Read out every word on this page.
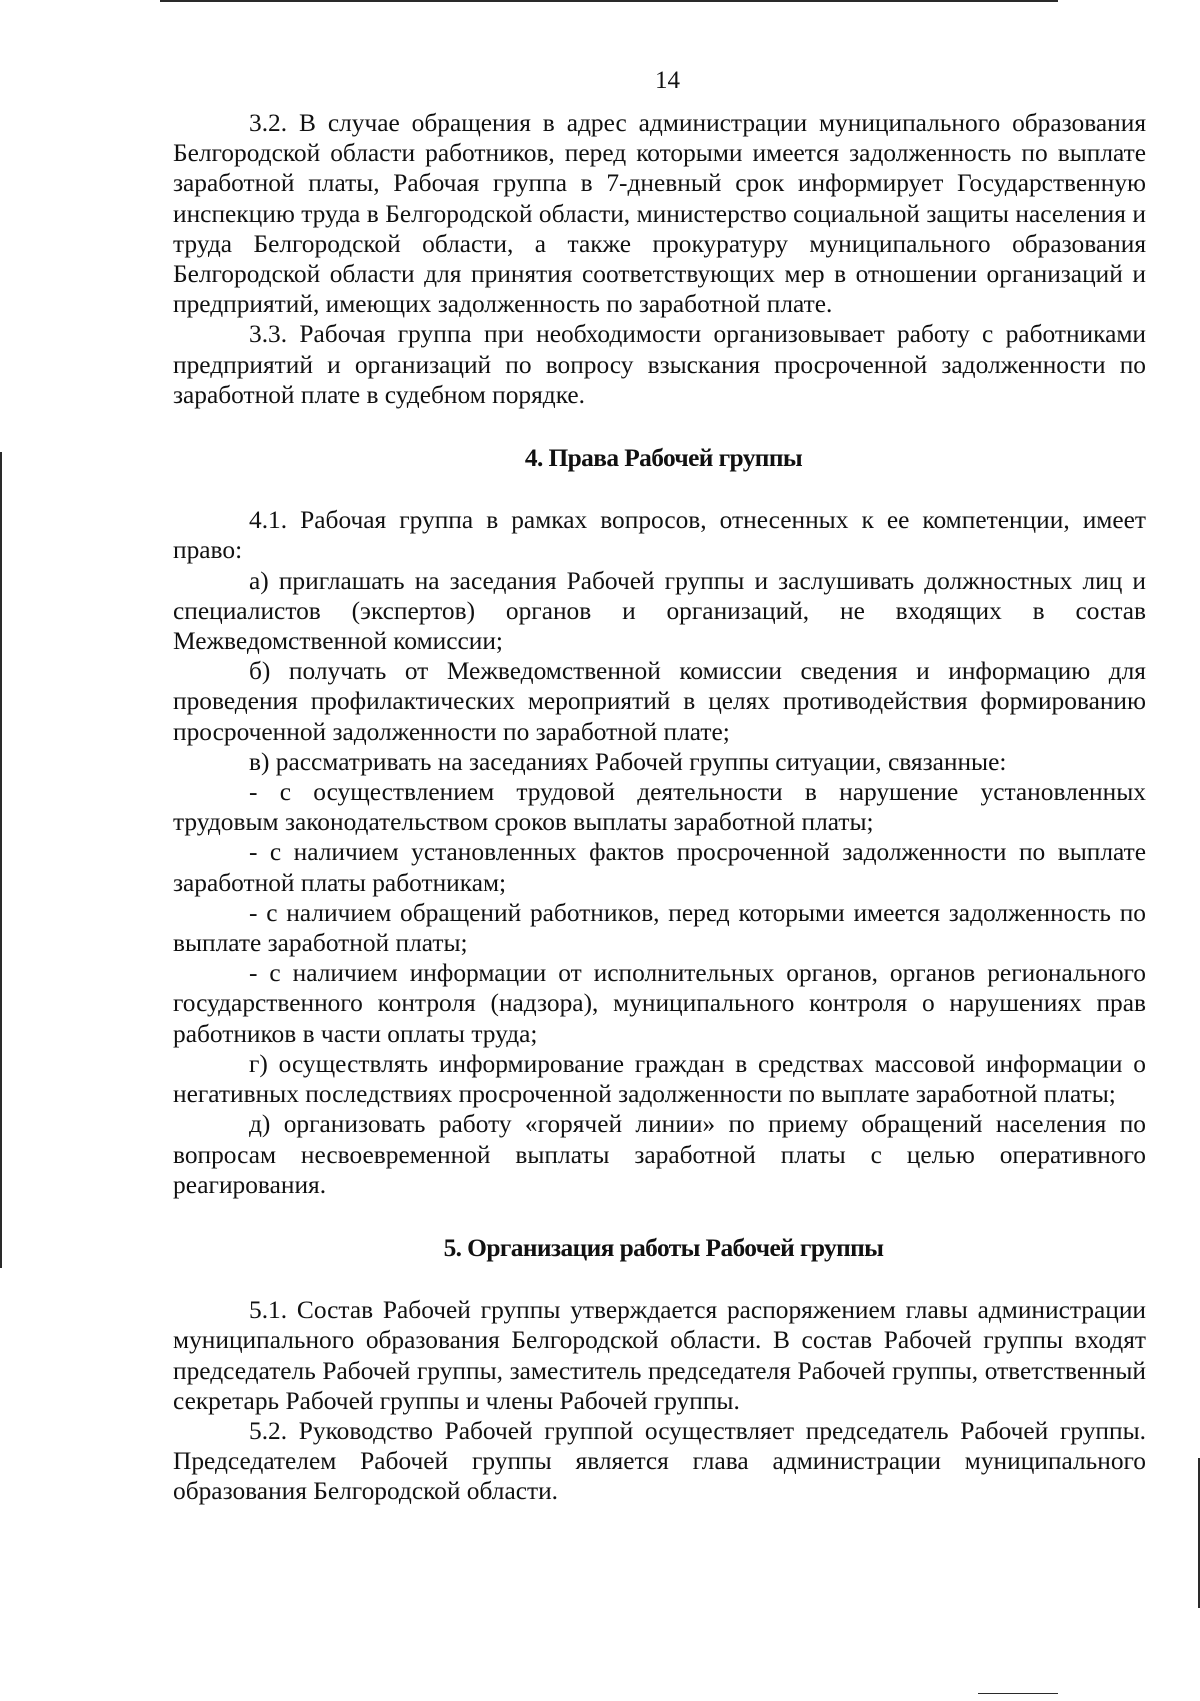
14

3.2. В случае обращения в адрес администрации муниципального образования Белгородской области работников, перед которыми имеется задолженность по выплате заработной платы, Рабочая группа в 7-дневный срок информирует Государственную инспекцию труда в Белгородской области, министерство социальной защиты населения и труда Белгородской области, а также прокуратуру муниципального образования Белгородской области для принятия соответствующих мер в отношении организаций и предприятий, имеющих задолженность по заработной плате.

3.3. Рабочая группа при необходимости организовывает работу с работниками предприятий и организаций по вопросу взыскания просроченной задолженности по заработной плате в судебном порядке.

4. Права Рабочей группы

4.1. Рабочая группа в рамках вопросов, отнесенных к ее компетенции, имеет право:

а) приглашать на заседания Рабочей группы и заслушивать должностных лиц и специалистов (экспертов) органов и организаций, не входящих в состав Межведомственной комиссии;

б) получать от Межведомственной комиссии сведения и информацию для проведения профилактических мероприятий в целях противодействия формированию просроченной задолженности по заработной плате;

в) рассматривать на заседаниях Рабочей группы ситуации, связанные:

- с осуществлением трудовой деятельности в нарушение установленных трудовым законодательством сроков выплаты заработной платы;

- с наличием установленных фактов просроченной задолженности по выплате заработной платы работникам;

- с наличием обращений работников, перед которыми имеется задолженность по выплате заработной платы;

- с наличием информации от исполнительных органов, органов регионального государственного контроля (надзора), муниципального контроля о нарушениях прав работников в части оплаты труда;

г) осуществлять информирование граждан в средствах массовой информации о негативных последствиях просроченной задолженности по выплате заработной платы;

д) организовать работу «горячей линии» по приему обращений населения по вопросам несвоевременной выплаты заработной платы с целью оперативного реагирования.

5. Организация работы Рабочей группы

5.1. Состав Рабочей группы утверждается распоряжением главы администрации муниципального образования Белгородской области. В состав Рабочей группы входят председатель Рабочей группы, заместитель председателя Рабочей группы, ответственный секретарь Рабочей группы и члены Рабочей группы.

5.2. Руководство Рабочей группой осуществляет председатель Рабочей группы. Председателем Рабочей группы является глава администрации муниципального образования Белгородской области.
